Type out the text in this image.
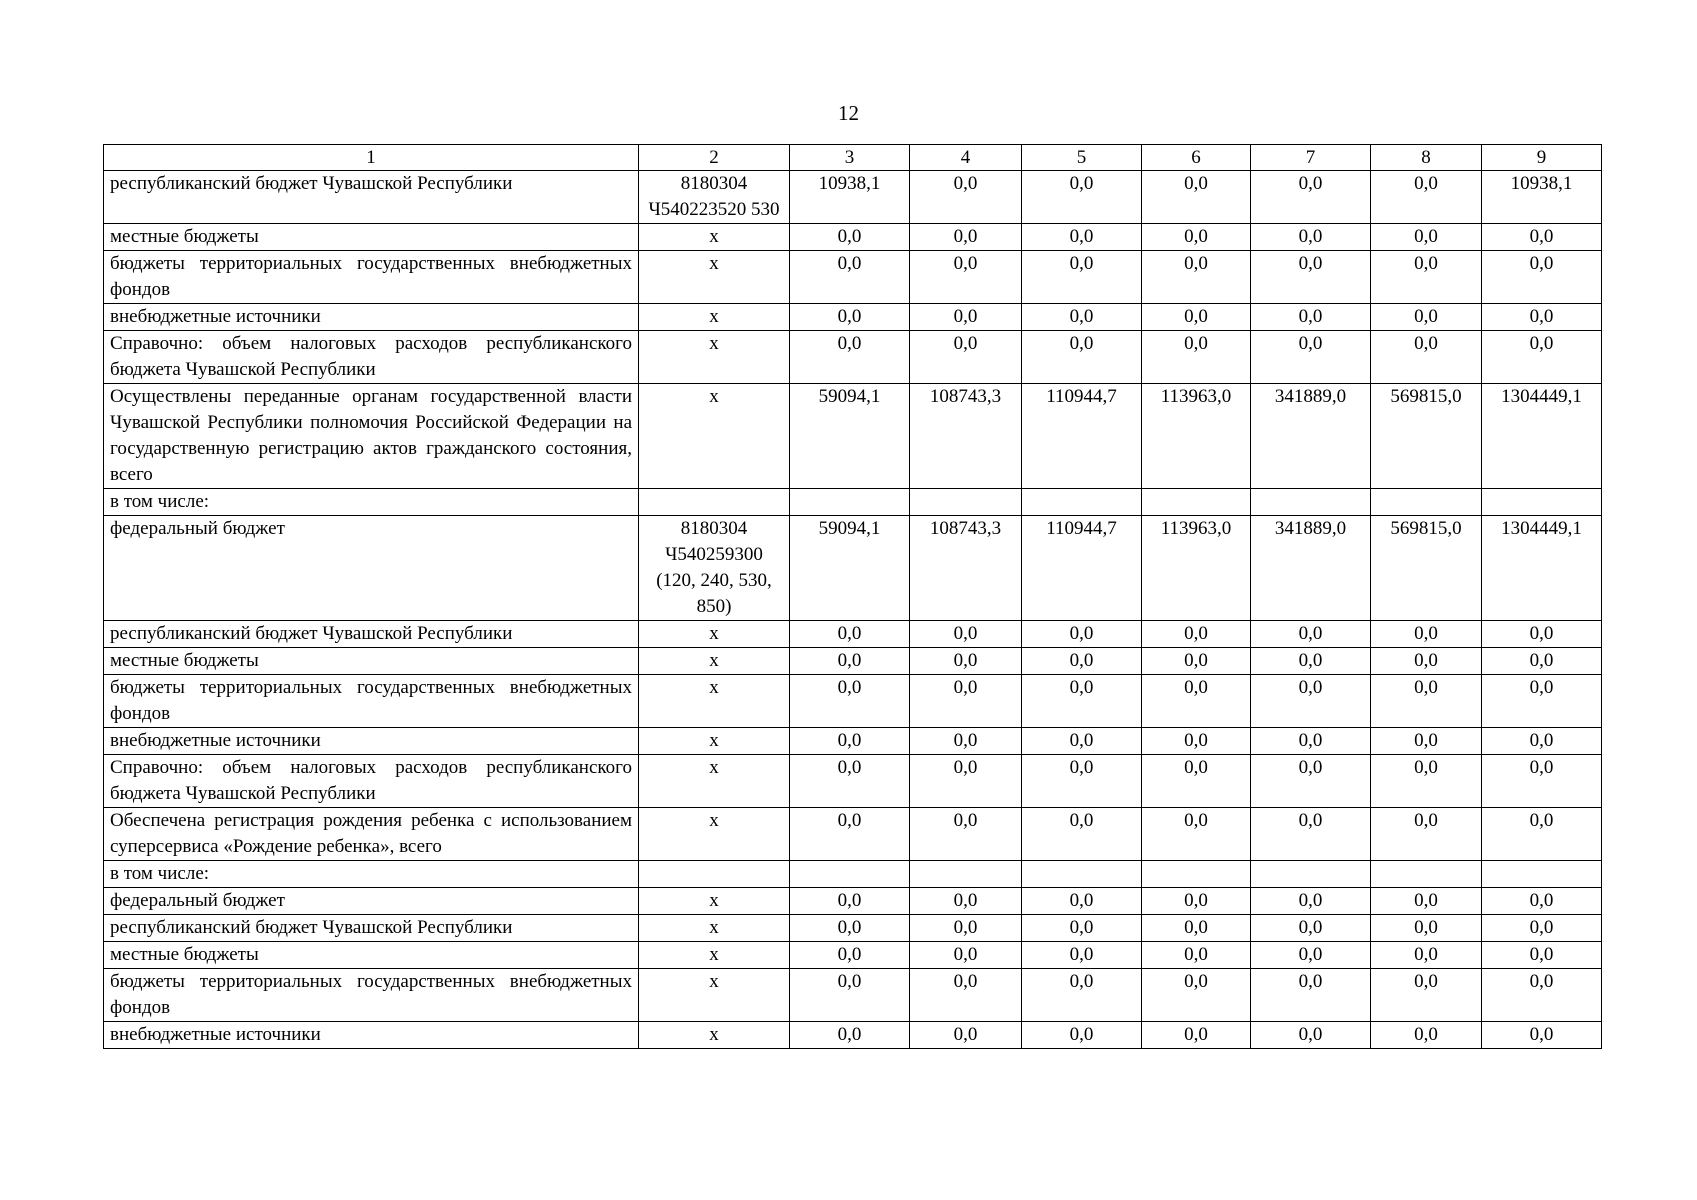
12
1	2	3	4	5	6	7	8	9
республиканский бюджет Чувашской Республики	8180304 Ч540223520 530	10938,1	0,0	0,0	0,0	0,0	0,0	10938,1
местные бюджеты	х	0,0	0,0	0,0	0,0	0,0	0,0	0,0
бюджеты территориальных государственных внебюджетных фондов	х	0,0	0,0	0,0	0,0	0,0	0,0	0,0
внебюджетные источники	х	0,0	0,0	0,0	0,0	0,0	0,0	0,0
Справочно: объем налоговых расходов республиканского бюджета Чувашской Республики	х	0,0	0,0	0,0	0,0	0,0	0,0	0,0
Осуществлены переданные органам государственной власти Чувашской Республики полномочия Российской Федерации на государственную регистрацию актов гражданского состояния, всего	х	59094,1	108743,3	110944,7	113963,0	341889,0	569815,0	1304449,1
в том числе:								
федеральный бюджет	8180304 Ч540259300 (120, 240, 530, 850)	59094,1	108743,3	110944,7	113963,0	341889,0	569815,0	1304449,1
республиканский бюджет Чувашской Республики	х	0,0	0,0	0,0	0,0	0,0	0,0	0,0
местные бюджеты	х	0,0	0,0	0,0	0,0	0,0	0,0	0,0
бюджеты территориальных государственных внебюджетных фондов	х	0,0	0,0	0,0	0,0	0,0	0,0	0,0
внебюджетные источники	х	0,0	0,0	0,0	0,0	0,0	0,0	0,0
Справочно: объем налоговых расходов республиканского бюджета Чувашской Республики	х	0,0	0,0	0,0	0,0	0,0	0,0	0,0
Обеспечена регистрация рождения ребенка с использованием суперсервиса «Рождение ребенка», всего	х	0,0	0,0	0,0	0,0	0,0	0,0	0,0
в том числе:								
федеральный бюджет	х	0,0	0,0	0,0	0,0	0,0	0,0	0,0
республиканский бюджет Чувашской Республики	х	0,0	0,0	0,0	0,0	0,0	0,0	0,0
местные бюджеты	х	0,0	0,0	0,0	0,0	0,0	0,0	0,0
бюджеты территориальных государственных внебюджетных фондов	х	0,0	0,0	0,0	0,0	0,0	0,0	0,0
внебюджетные источники	х	0,0	0,0	0,0	0,0	0,0	0,0	0,0
